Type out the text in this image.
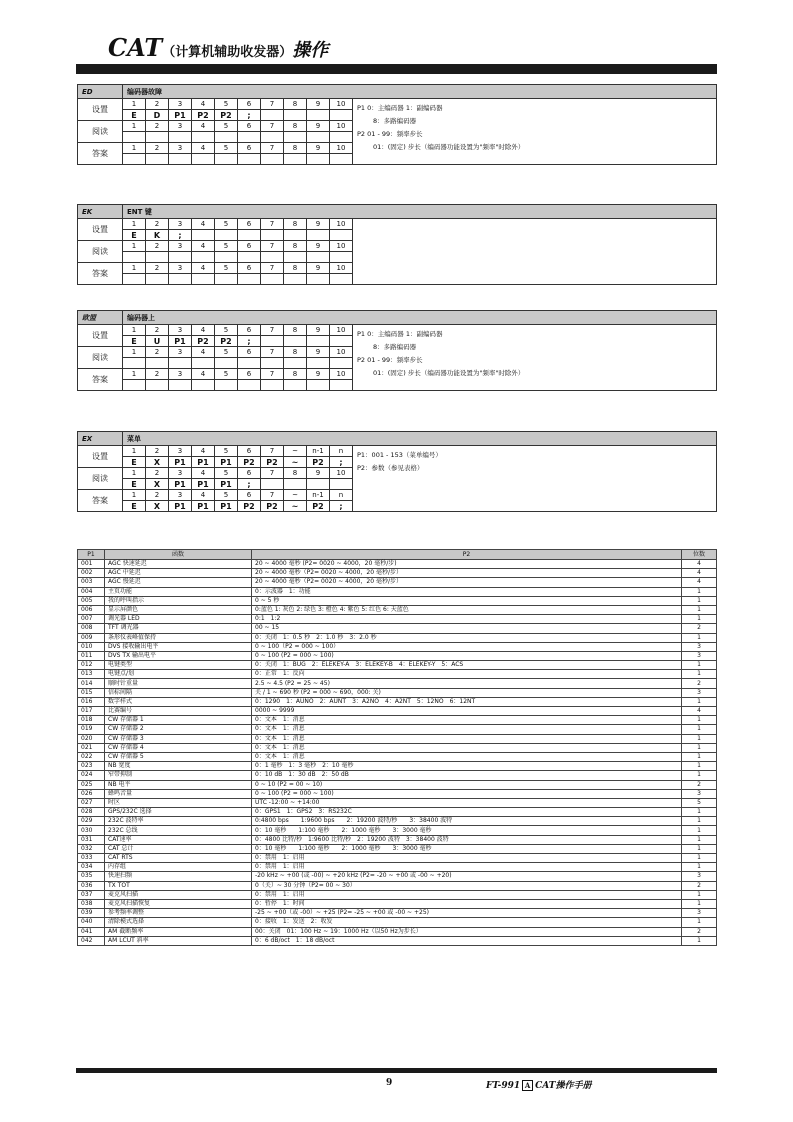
CAT（计算机辅助收发器）操作
ED	编码器故障										
设置	1	2	3	4	5	6	7	8	9	10	P1 0：主编码器 1：副编码器
8：多路编码器
P2 01 - 99：频率步长
01：(固定) 步长（编码器功能设置为"频率"时除外）

	E	D	P1	P2	P2	;					
阅读	1	2	3	4	5	6	7	8	9	10	

答案	1	2	3	4	5	6	7	8	9	10	

EK	ENT 键										
设置	1	2	3	4	5	6	7	8	9	10	
	E	K	;								
阅读	1	2	3	4	5	6	7	8	9	10	

答案	1	2	3	4	5	6	7	8	9	10	

欧盟	编码器上										
设置	1	2	3	4	5	6	7	8	9	10	P1 0：主编码器 1：副编码器
8：多路编码器
P2 01 - 99：频率步长
01：(固定) 步长（编码器功能设置为"频率"时除外）

	E	U	P1	P2	P2	;					
阅读	1	2	3	4	5	6	7	8	9	10	

答案	1	2	3	4	5	6	7	8	9	10	

EX	菜单										
设置	1	2	3	4	5	6	7	~	n-1	n	P1：001 - 153（菜单编号）
P2：参数（参见表格）

	E	X	P1	P1	P1	P2	P2	~	P2	;	
阅读	1	2	3	4	5	6	7	8	9	10	
	E	X	P1	P1	P1	;					
答案	1	2	3	4	5	6	7	~	n-1	n	
	E	X	P1	P1	P1	P2	P2	~	P2	;	
P1	函数	P2	位数
001	AGC 快速延迟	20 ~ 4000 毫秒 (P2= 0020 ~ 4000，20 毫秒/步)	4
002	AGC 中延迟	20 ~ 4000 毫秒（P2= 0020 ~ 4000，20 毫秒/步）	4
003	AGC 慢延迟	20 ~ 4000 毫秒（P2= 0020 ~ 4000，20 毫秒/步）	4
004	主页功能	0：示波器　1：功能	1
005	我的呼叫指示	0 ~ 5 秒	1
006	显示屏颜色	0:蓝色 1: 灰色 2: 绿色 3: 橙色 4: 紫色 5: 红色 6: 天蓝色	1
007	调光器 LED	0:1　1:2	1
008	TFT 调光器	00 ~ 15	2
009	条形仪表峰值保持	0：关闭　1：0.5 秒　2：1.0 秒　3：2.0 秒	1
010	DVS 接收输出电平	0 ~ 100（P2 = 000 ~ 100）	3
011	DVS TX 输出电平	0 ~ 100 (P2 = 000 ~ 100)	3
012	电键类型	0：关闭　1：BUG　2：ELEKEY-A　3：ELEKEY-B　4：ELEKEY-Y　5：ACS	1
013	电键点/划	0：正常　1：反向	1
014	顺时针重量	2.5 ~ 4.5 (P2 = 25 ~ 45)	2
015	信标间隔	关 / 1 ~ 690 秒 (P2 = 000 ~ 690，000: 关)	3
016	数字样式	0：1290　1：AUNO　2：AUNT　3：A2NO　4：A2NT　5：12NO　6：12NT	1
017	比赛编号	0000 ~ 9999	4
018	CW 存储器 1	0：文本　1：消息	1
019	CW 存储器 2	0：文本　1：消息	1
020	CW 存储器 3	0：文本　1：消息	1
021	CW 存储器 4	0：文本　1：消息	1
022	CW 存储器 5	0：文本　1：消息	1
023	NB 宽度	0：1 毫秒　1：3 毫秒　2：10 毫秒	1
024	窄带抑制	0：10 dB　1：30 dB　2：50 dB	1
025	NB 电平	0 ~ 10 (P2 = 00 ~ 10)	2
026	蜂鸣音量	0 ~ 100 (P2 = 000 ~ 100)	3
027	时区	UTC -12:00 ~ +14:00	5
028	GPS/232C 选择	0：GPS1　1：GPS2　3：RS232C	1
029	232C 波特率	0:4800 bps　　1:9600 bps　　2：19200 波特/秒　　3：38400 波特	1
030	232C 总线	0：10 毫秒　　1:100 毫秒　　2：1000 毫秒　　3：3000 毫秒	1
031	CAT速率	0：4800 比特/秒　1:9600 比特/秒　2：19200 波特　3：38400 波特	1
032	CAT 总计	0：10 毫秒　　1:100 毫秒　　2：1000 毫秒　　3：3000 毫秒	1
033	CAT RTS	0：禁用　1：启用	1
034	内存组	0：禁用　1：启用	1
035	快速扫频	-20 kHz ~ +00 (或 -00) ~ +20 kHz (P2= -20 ~ +00 或 -00 ~ +20)	3
036	TX TOT	0（关）~ 30 分钟（P2= 00 ~ 30）	2
037	麦克风扫描	0：禁用　1：启用	1
038	麦克风扫描恢复	0：暂停　1：时间	1
039	参考频率调整	-25 ~ +00（或 -00）~ +25 (P2= -25 ~ +00 或 -00 ~ +25)	3
040	清除模式选择	0：接收　1：发送　2：收发	1
041	AM 截断频率	00：关闭　01：100 Hz ~ 19：1000 Hz（以50 Hz为步长）	2
042	AM LCUT 斜率	0：6 dB/oct　1：18 dB/oct	1
9	FT-991 A CAT操作手册
